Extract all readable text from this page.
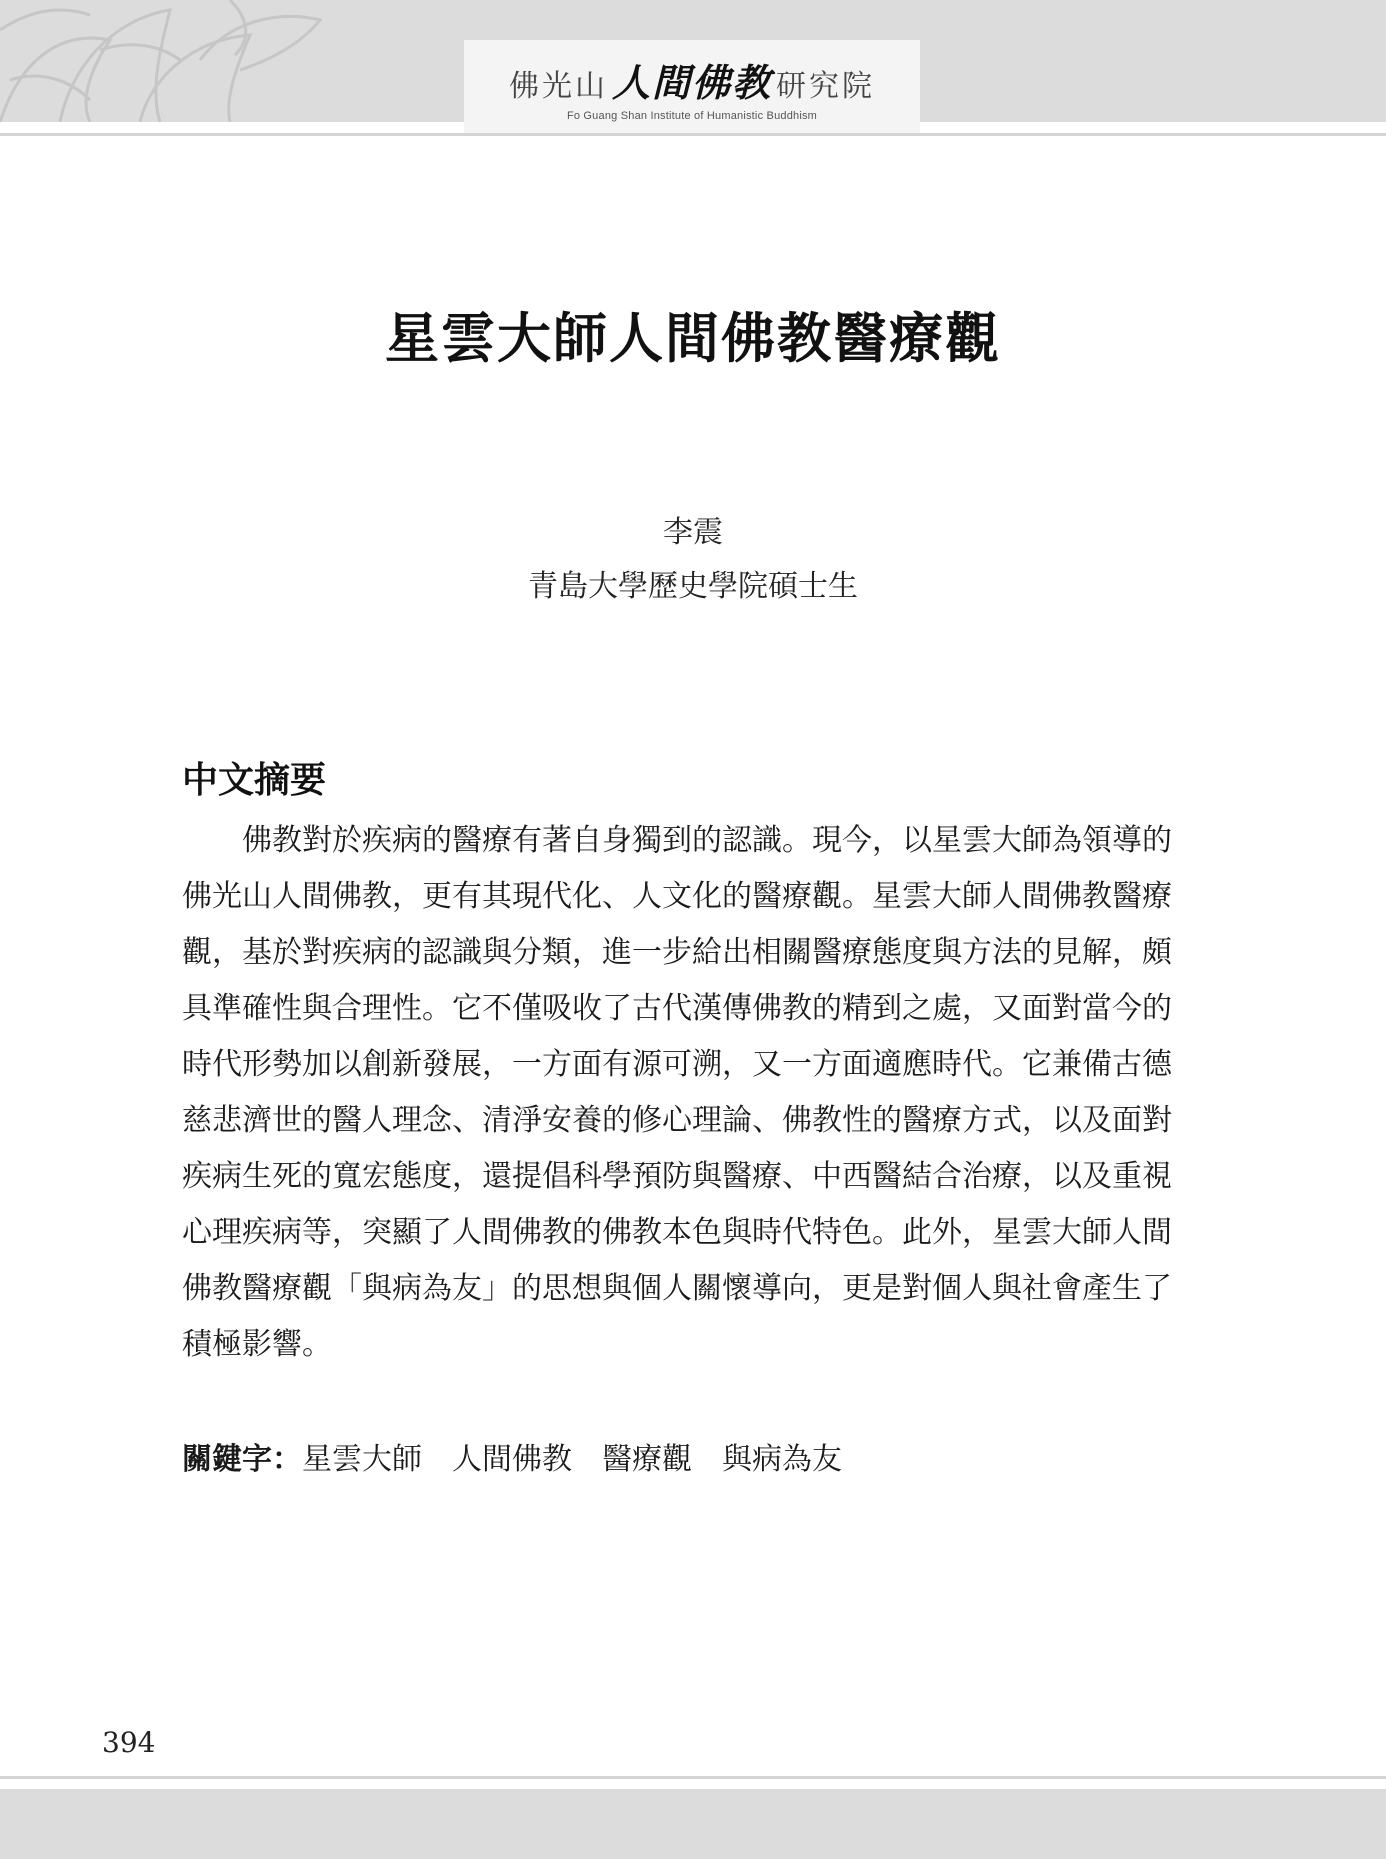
佛光山 人間佛教 研究院
Fo Guang Shan Institute of Humanistic Buddhism
星雲大師人間佛教醫療觀
李震
青島大學歷史學院碩士生
中文摘要
　　佛教對於疾病的醫療有著自身獨到的認識。現今，以星雲大師為領導的
佛光山人間佛教，更有其現代化、人文化的醫療觀。星雲大師人間佛教醫療
觀，基於對疾病的認識與分類，進一步給出相關醫療態度與方法的見解，頗
具準確性與合理性。它不僅吸收了古代漢傳佛教的精到之處，又面對當今的
時代形勢加以創新發展，一方面有源可溯，又一方面適應時代。它兼備古德
慈悲濟世的醫人理念、清淨安養的修心理論、佛教性的醫療方式，以及面對
疾病生死的寬宏態度，還提倡科學預防與醫療、中西醫結合治療，以及重視
心理疾病等，突顯了人間佛教的佛教本色與時代特色。此外，星雲大師人間
佛教醫療觀「與病為友」的思想與個人關懷導向，更是對個人與社會產生了
積極影響。
關鍵字：星雲大師 人間佛教 醫療觀 與病為友
394
